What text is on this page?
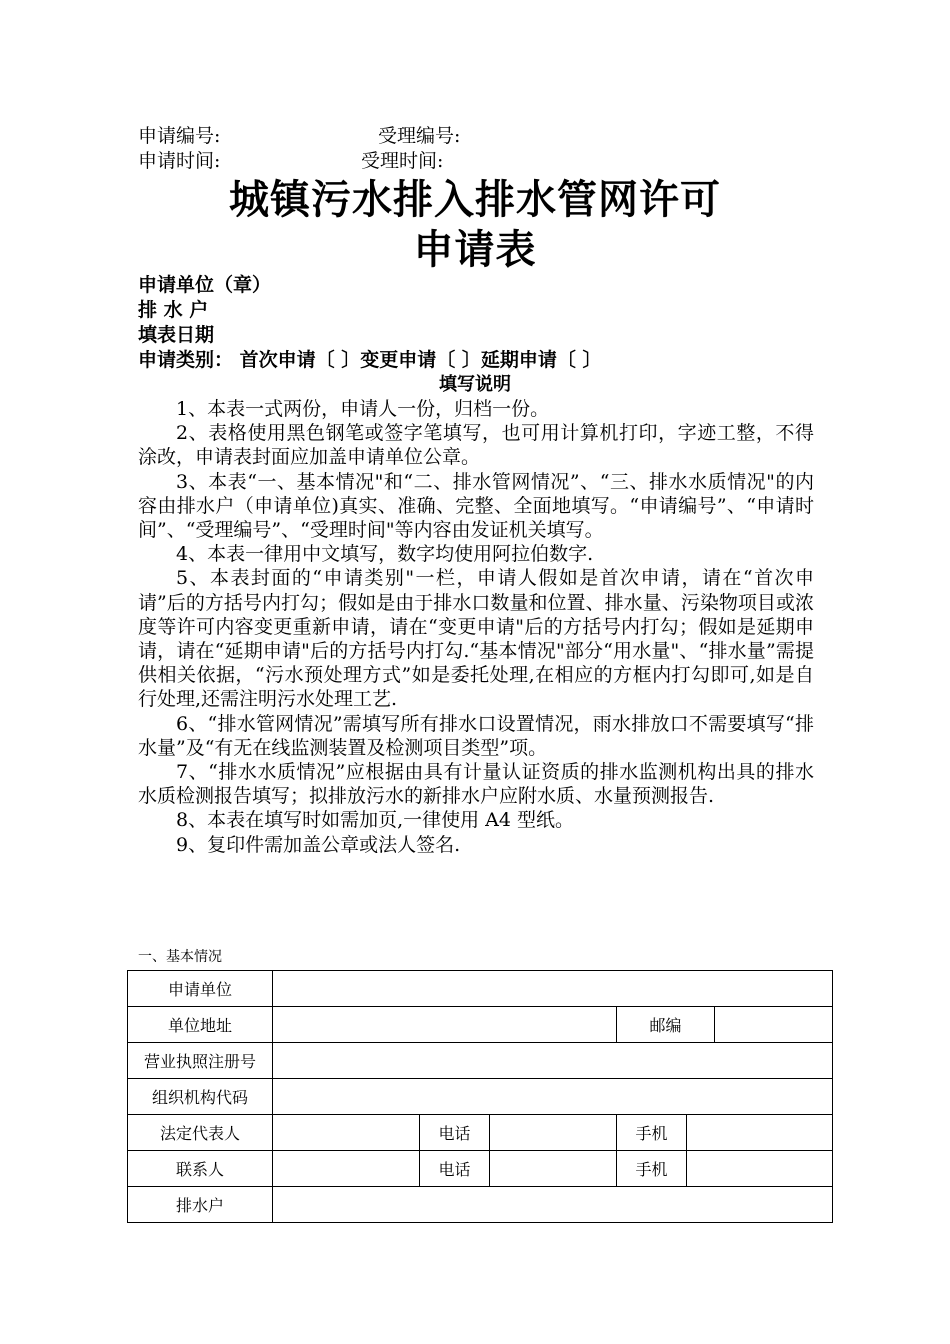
申请编号:	受理编号:
申请时间:	受理时间:
城镇污水排入排水管网许可
申请表
申请单位（章）
排 水 户
填表日期
申请类别： 首次申请〔 〕变更申请〔 〕延期申请〔 〕
填写说明

1、本表一式两份，申请人一份，归档一份。

2、表格使用黑色钢笔或签字笔填写，也可用计算机打印，字迹工整，不得涂改，申请表封面应加盖申请单位公章。

3、本表“一、基本情况"和“二、排水管网情况”、“三、排水水质情况"的内容由排水户（申请单位)真实、准确、完整、全面地填写。“申请编号”、“申请时间”、“受理编号”、“受理时间"等内容由发证机关填写。

4、本表一律用中文填写，数字均使用阿拉伯数字.

5、本表封面的“申请类别"一栏，申请人假如是首次申请，请在“首次申请”后的方括号内打勾；假如是由于排水口数量和位置、排水量、污染物项目或浓度等许可内容变更重新申请，请在“变更申请"后的方括号内打勾；假如是延期申请，请在“延期申请"后的方括号内打勾.“基本情况"部分“用水量"、“排水量”需提供相关依据，“污水预处理方式”如是委托处理,在相应的方框内打勾即可,如是自行处理,还需注明污水处理工艺.

6、“排水管网情况”需填写所有排水口设置情况，雨水排放口不需要填写“排水量”及“有无在线监测装置及检测项目类型”项。

7、“排水水质情况”应根据由具有计量认证资质的排水监测机构出具的排水水质检测报告填写；拟排放污水的新排水户应附水质、水量预测报告.

8、本表在填写时如需加页,一律使用 A4 型纸。

9、复印件需加盖公章或法人签名.

一、基本情况
申请单位						
单位地址				邮编		
营业执照注册号						
组织机构代码						
法定代表人		电话		手机		
联系人		电话		手机		
排水户						
